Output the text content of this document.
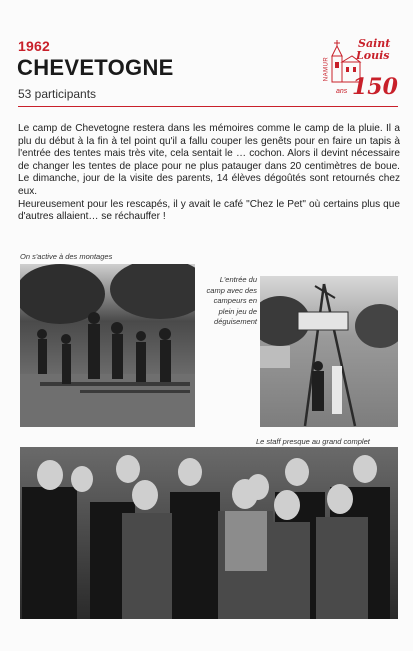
1962
CHEVETOGNE
53 participants
Saint
Louis
NAMUR
ans 150

Le camp de Chevetogne restera dans les mémoires comme le camp de la pluie. Il a plu du début à la fin à tel point qu'il a fallu couper les genêts pour en faire un tapis à l'entrée des tentes mais très vite, cela sentait le … cochon. Alors il devint nécessaire de changer les tentes de place pour ne plus patauger dans 20 centimètres de boue. Le dimanche, jour de la visite des parents, 14 élèves dégoûtés sont retournés chez eux.

Heureusement pour les rescapés, il y avait le café "Chez le Pet" où certains plus que d'autres allaient… se réchauffer !

On s'active à des montages
L'entrée du camp avec des campeurs en plein jeu de déguisement
Le staff presque au grand complet
